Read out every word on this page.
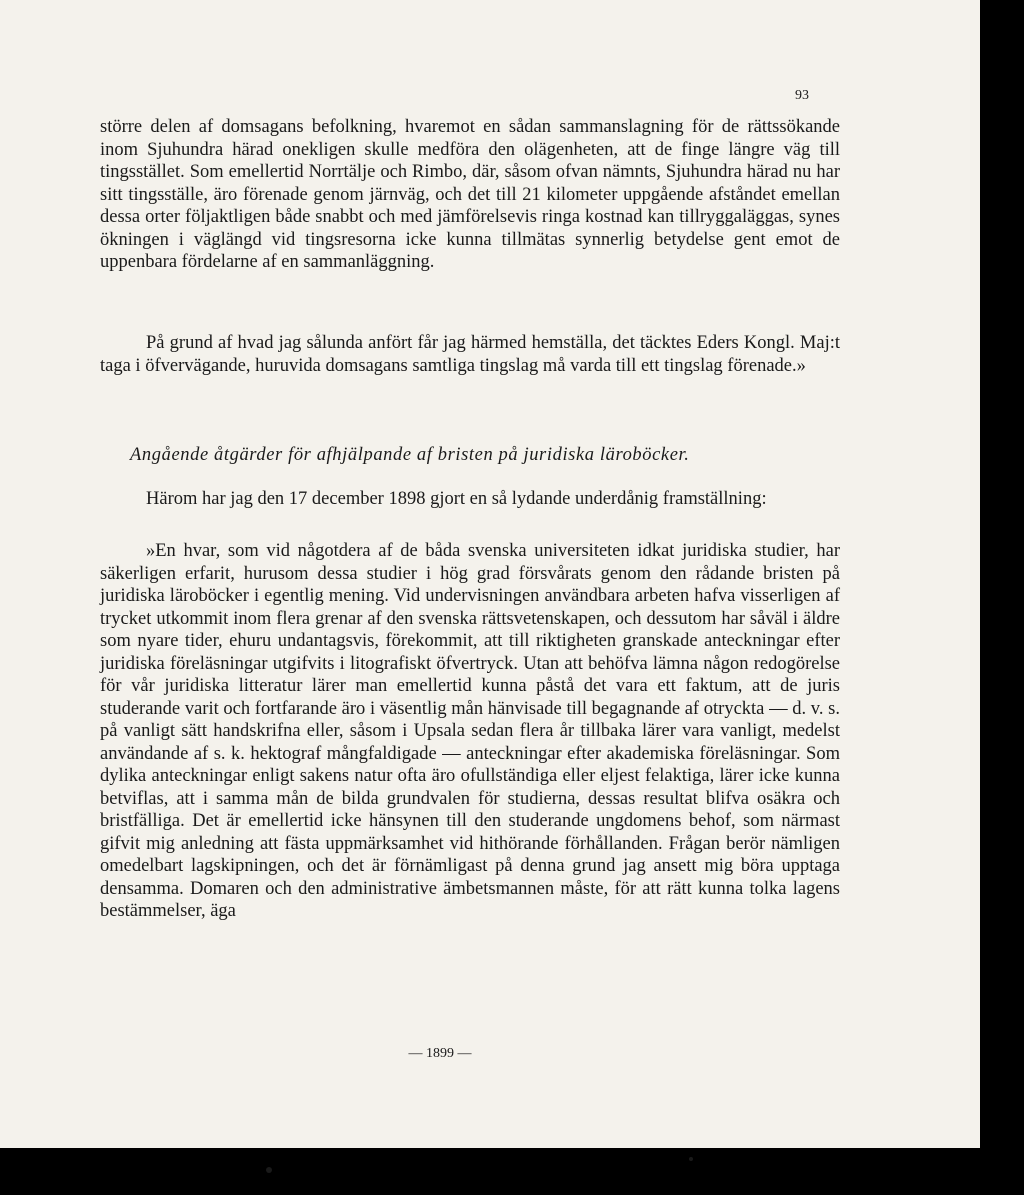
93

större delen af domsagans befolkning, hvaremot en sådan sammanslagning för de rättssökande inom Sjuhundra härad onekligen skulle medföra den olägenheten, att de finge längre väg till tingsstället. Som emellertid Norrtälje och Rimbo, där, såsom ofvan nämnts, Sjuhundra härad nu har sitt tingsställe, äro förenade genom järnväg, och det till 21 kilometer uppgående afståndet emellan dessa orter följaktligen både snabbt och med jämförelsevis ringa kostnad kan tillryggaläggas, synes ökningen i väglängd vid tingsresorna icke kunna tillmätas synnerlig betydelse gent emot de uppenbara fördelarne af en sammanläggning.

På grund af hvad jag sålunda anfört får jag härmed hemställa, det täcktes Eders Kongl. Maj:t taga i öfvervägande, huruvida domsagans samtliga tingslag må varda till ett tingslag förenade.»

Angående åtgärder för afhjälpande af bristen på juridiska läroböcker.

Härom har jag den 17 december 1898 gjort en så lydande underdånig framställning:

»En hvar, som vid någotdera af de båda svenska universiteten idkat juridiska studier, har säkerligen erfarit, hurusom dessa studier i hög grad försvårats genom den rådande bristen på juridiska läroböcker i egentlig mening. Vid undervisningen användbara arbeten hafva visserligen af trycket utkommit inom flera grenar af den svenska rättsvetenskapen, och dessutom har såväl i äldre som nyare tider, ehuru undantagsvis, förekommit, att till riktigheten granskade anteckningar efter juridiska föreläsningar utgifvits i litografiskt öfvertryck. Utan att behöfva lämna någon redogörelse för vår juridiska litteratur lärer man emellertid kunna påstå det vara ett faktum, att de juris studerande varit och fortfarande äro i väsentlig mån hänvisade till begagnande af otryckta — d. v. s. på vanligt sätt handskrifna eller, såsom i Upsala sedan flera år tillbaka lärer vara vanligt, medelst användande af s. k. hektograf mångfaldigade — anteckningar efter akademiska föreläsningar. Som dylika anteckningar enligt sakens natur ofta äro ofullständiga eller eljest felaktiga, lärer icke kunna betviflas, att i samma mån de bilda grundvalen för studierna, dessas resultat blifva osäkra och bristfälliga. Det är emellertid icke hänsynen till den studerande ungdomens behof, som närmast gifvit mig anledning att fästa uppmärksamhet vid hithörande förhållanden. Frågan berör nämligen omedelbart lagskipningen, och det är förnämligast på denna grund jag ansett mig böra upptaga densamma. Domaren och den administrative ämbetsmannen måste, för att rätt kunna tolka lagens bestämmelser, äga

— 1899 —
